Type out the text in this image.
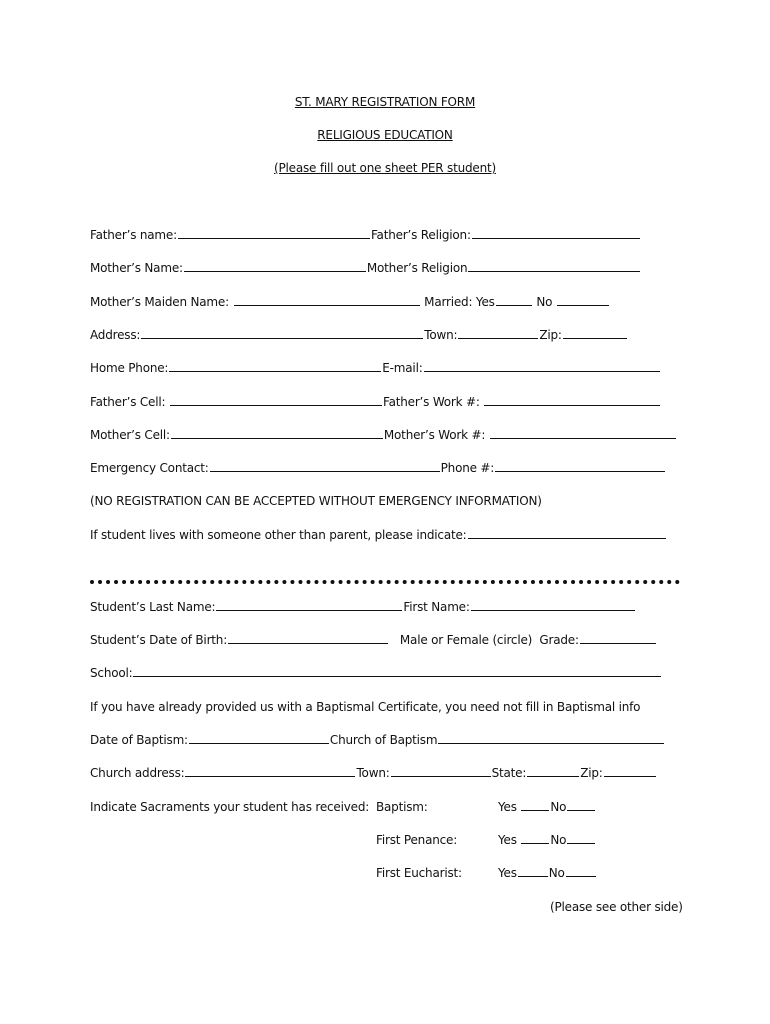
ST. MARY REGISTRATION FORM
RELIGIOUS EDUCATION
(Please fill out one sheet PER student)
Father’s name:	Father’s Religion:
Mother’s Name:	Mother’s Religion
Mother’s Maiden Name:	Married: Yes	No
Address:	Town:	Zip:
Home Phone:	E-mail:
Father’s Cell:	Father’s Work #:
Mother’s Cell:	Mother’s Work #:
Emergency Contact:	Phone #:
(NO REGISTRATION CAN BE ACCEPTED WITHOUT EMERGENCY INFORMATION)
If student lives with someone other than parent, please indicate:
Student’s Last Name:	First Name:
Student’s Date of Birth:	Male or Female (circle) Grade:
School:
If you have already provided us with a Baptismal Certificate, you need not fill in Baptismal info
Date of Baptism:	Church of Baptism
Church address:	Town:	State:	Zip:
Indicate Sacraments your student has received: Baptism:	Yes	No
First Penance:	Yes	No
First Eucharist:	Yes	No
(Please see other side)
